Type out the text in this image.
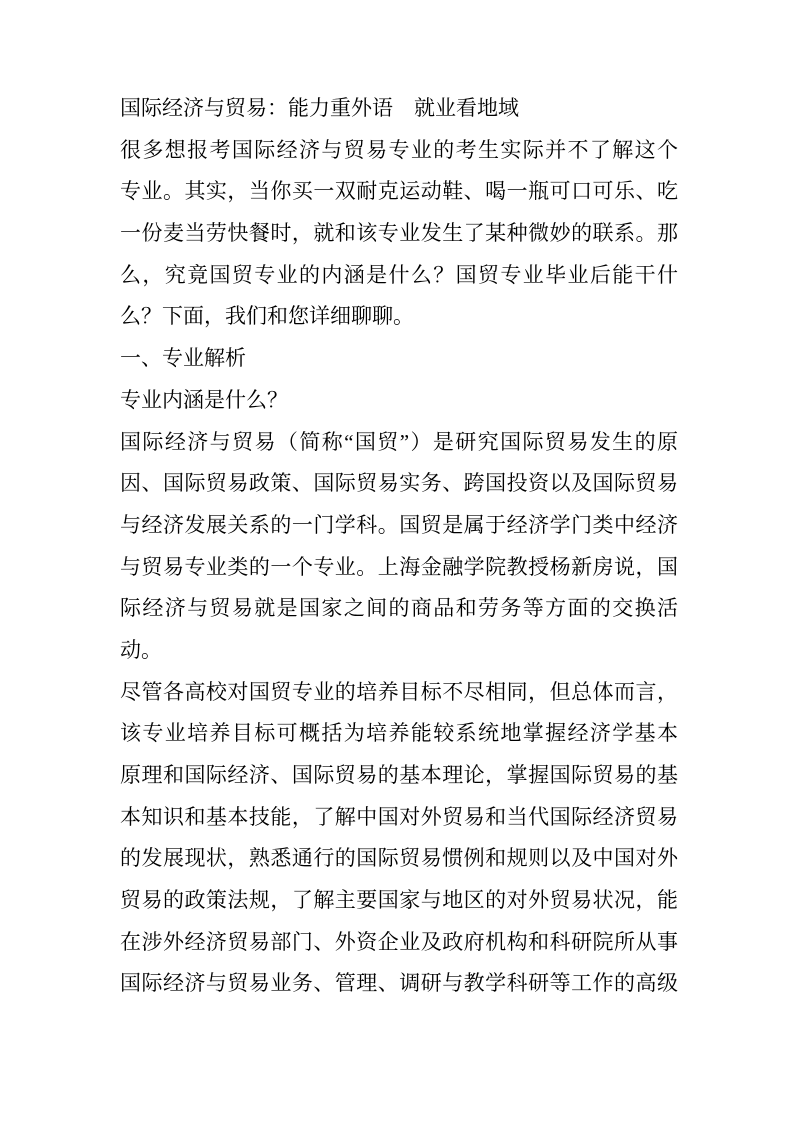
国际经济与贸易：能力重外语　就业看地域
很多想报考国际经济与贸易专业的考生实际并不了解这个
专业。其实，当你买一双耐克运动鞋、喝一瓶可口可乐、吃
一份麦当劳快餐时，就和该专业发生了某种微妙的联系。那
么，究竟国贸专业的内涵是什么？国贸专业毕业后能干什
么？下面，我们和您详细聊聊。
一、专业解析
专业内涵是什么？
国际经济与贸易（简称“国贸”）是研究国际贸易发生的原
因、国际贸易政策、国际贸易实务、跨国投资以及国际贸易
与经济发展关系的一门学科。国贸是属于经济学门类中经济
与贸易专业类的一个专业。上海金融学院教授杨新房说，国
际经济与贸易就是国家之间的商品和劳务等方面的交换活
动。
尽管各高校对国贸专业的培养目标不尽相同，但总体而言，
该专业培养目标可概括为培养能较系统地掌握经济学基本
原理和国际经济、国际贸易的基本理论，掌握国际贸易的基
本知识和基本技能，了解中国对外贸易和当代国际经济贸易
的发展现状，熟悉通行的国际贸易惯例和规则以及中国对外
贸易的政策法规，了解主要国家与地区的对外贸易状况，能
在涉外经济贸易部门、外资企业及政府机构和科研院所从事
国际经济与贸易业务、管理、调研与教学科研等工作的高级
